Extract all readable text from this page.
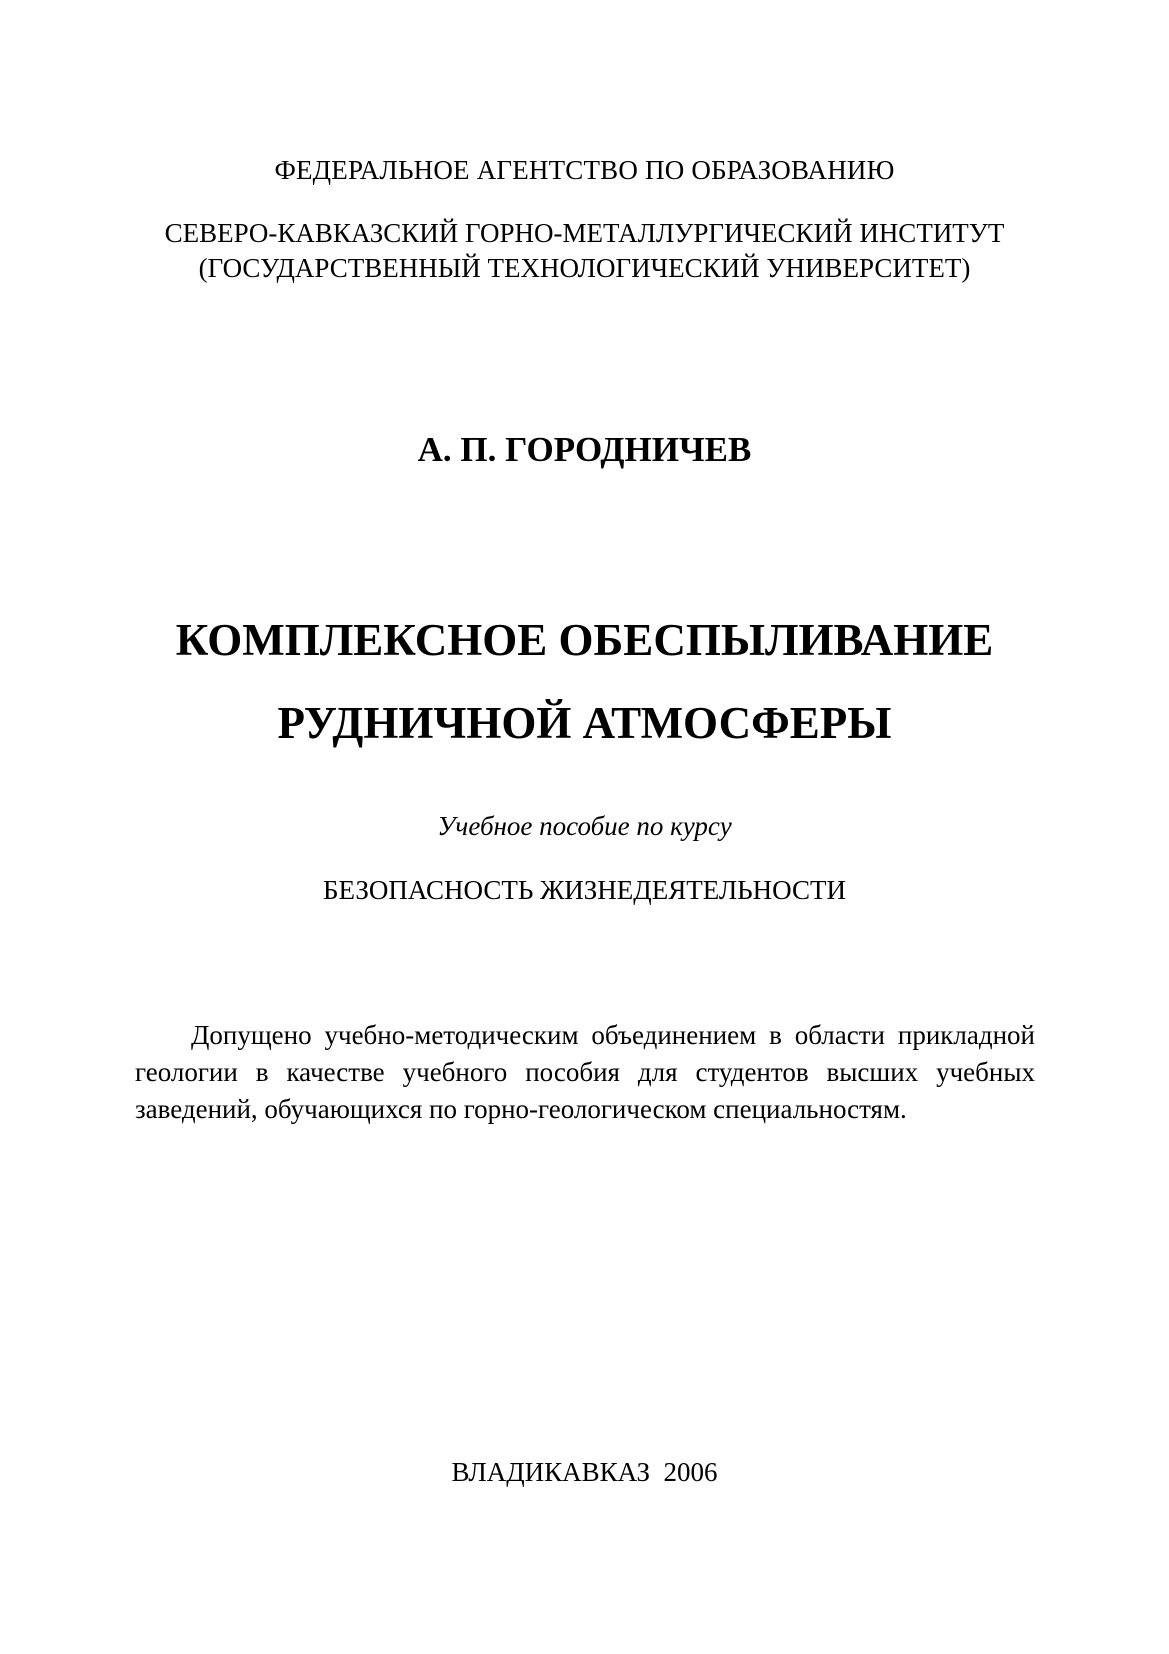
ФЕДЕРАЛЬНОЕ АГЕНТСТВО ПО ОБРАЗОВАНИЮ
СЕВЕРО-КАВКАЗСКИЙ ГОРНО-МЕТАЛЛУРГИЧЕСКИЙ ИНСТИТУТ
(ГОСУДАРСТВЕННЫЙ ТЕХНОЛОГИЧЕСКИЙ УНИВЕРСИТЕТ)
А. П. ГОРОДНИЧЕВ
КОМПЛЕКСНОЕ ОБЕСПЫЛИВАНИЕ
РУДНИЧНОЙ АТМОСФЕРЫ
Учебное пособие по курсу
БЕЗОПАСНОСТЬ ЖИЗНЕДЕЯТЕЛЬНОСТИ
Допущено учебно-методическим объединением в области прикладной геологии в качестве учебного пособия для студентов высших учебных заведений, обучающихся по горно-геологическом специальностям.
ВЛАДИКАВКАЗ  2006
